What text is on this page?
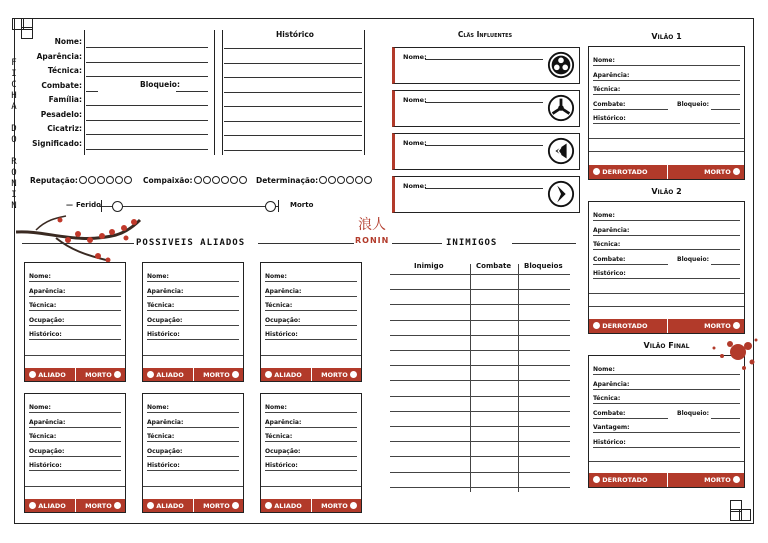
F
I
C
H
A
D
O
R
O
N
I
N
Nome:
Aparência:
Técnica:
Combate:
Família:
Pesadelo:
Cicatriz:
Significado:
Bloqueio:
Histórico
Reputação:	Compaixão:	Determinação:
— Ferido	Morto
POSSIVEIS ALIADOS
浪人
RONIN	INIMIGOS
Clãs Influentes
Nome:
Nome:
Nome:
Nome:
Nome:
Aparência:
Técnica:
Ocupação:
Histórico:
ALIADO	MORTO
Nome:
Aparência:
Técnica:
Ocupação:
Histórico:
ALIADO	MORTO
Nome:
Aparência:
Técnica:
Ocupação:
Histórico:
ALIADO	MORTO
Nome:
Aparência:
Técnica:
Ocupação:
Histórico:
ALIADO	MORTO
Nome:
Aparência:
Técnica:
Ocupação:
Histórico:
ALIADO	MORTO
Nome:
Aparência:
Técnica:
Ocupação:
Histórico:
ALIADO	MORTO
Inimigo	Combate Bloqueios
Vilão 1
Nome:
Aparência:
Técnica:
Combate:	Bloqueio:
Histórico:
DERROTADO	MORTO
Vilão 2
Nome:
Aparência:
Técnica:
Combate:	Bloqueio:
Histórico:
DERROTADO	MORTO
Vilão Final
Nome:
Aparência:
Técnica:
Combate:	Bloqueio:
Vantagem:
Histórico:
DERROTADO	MORTO
